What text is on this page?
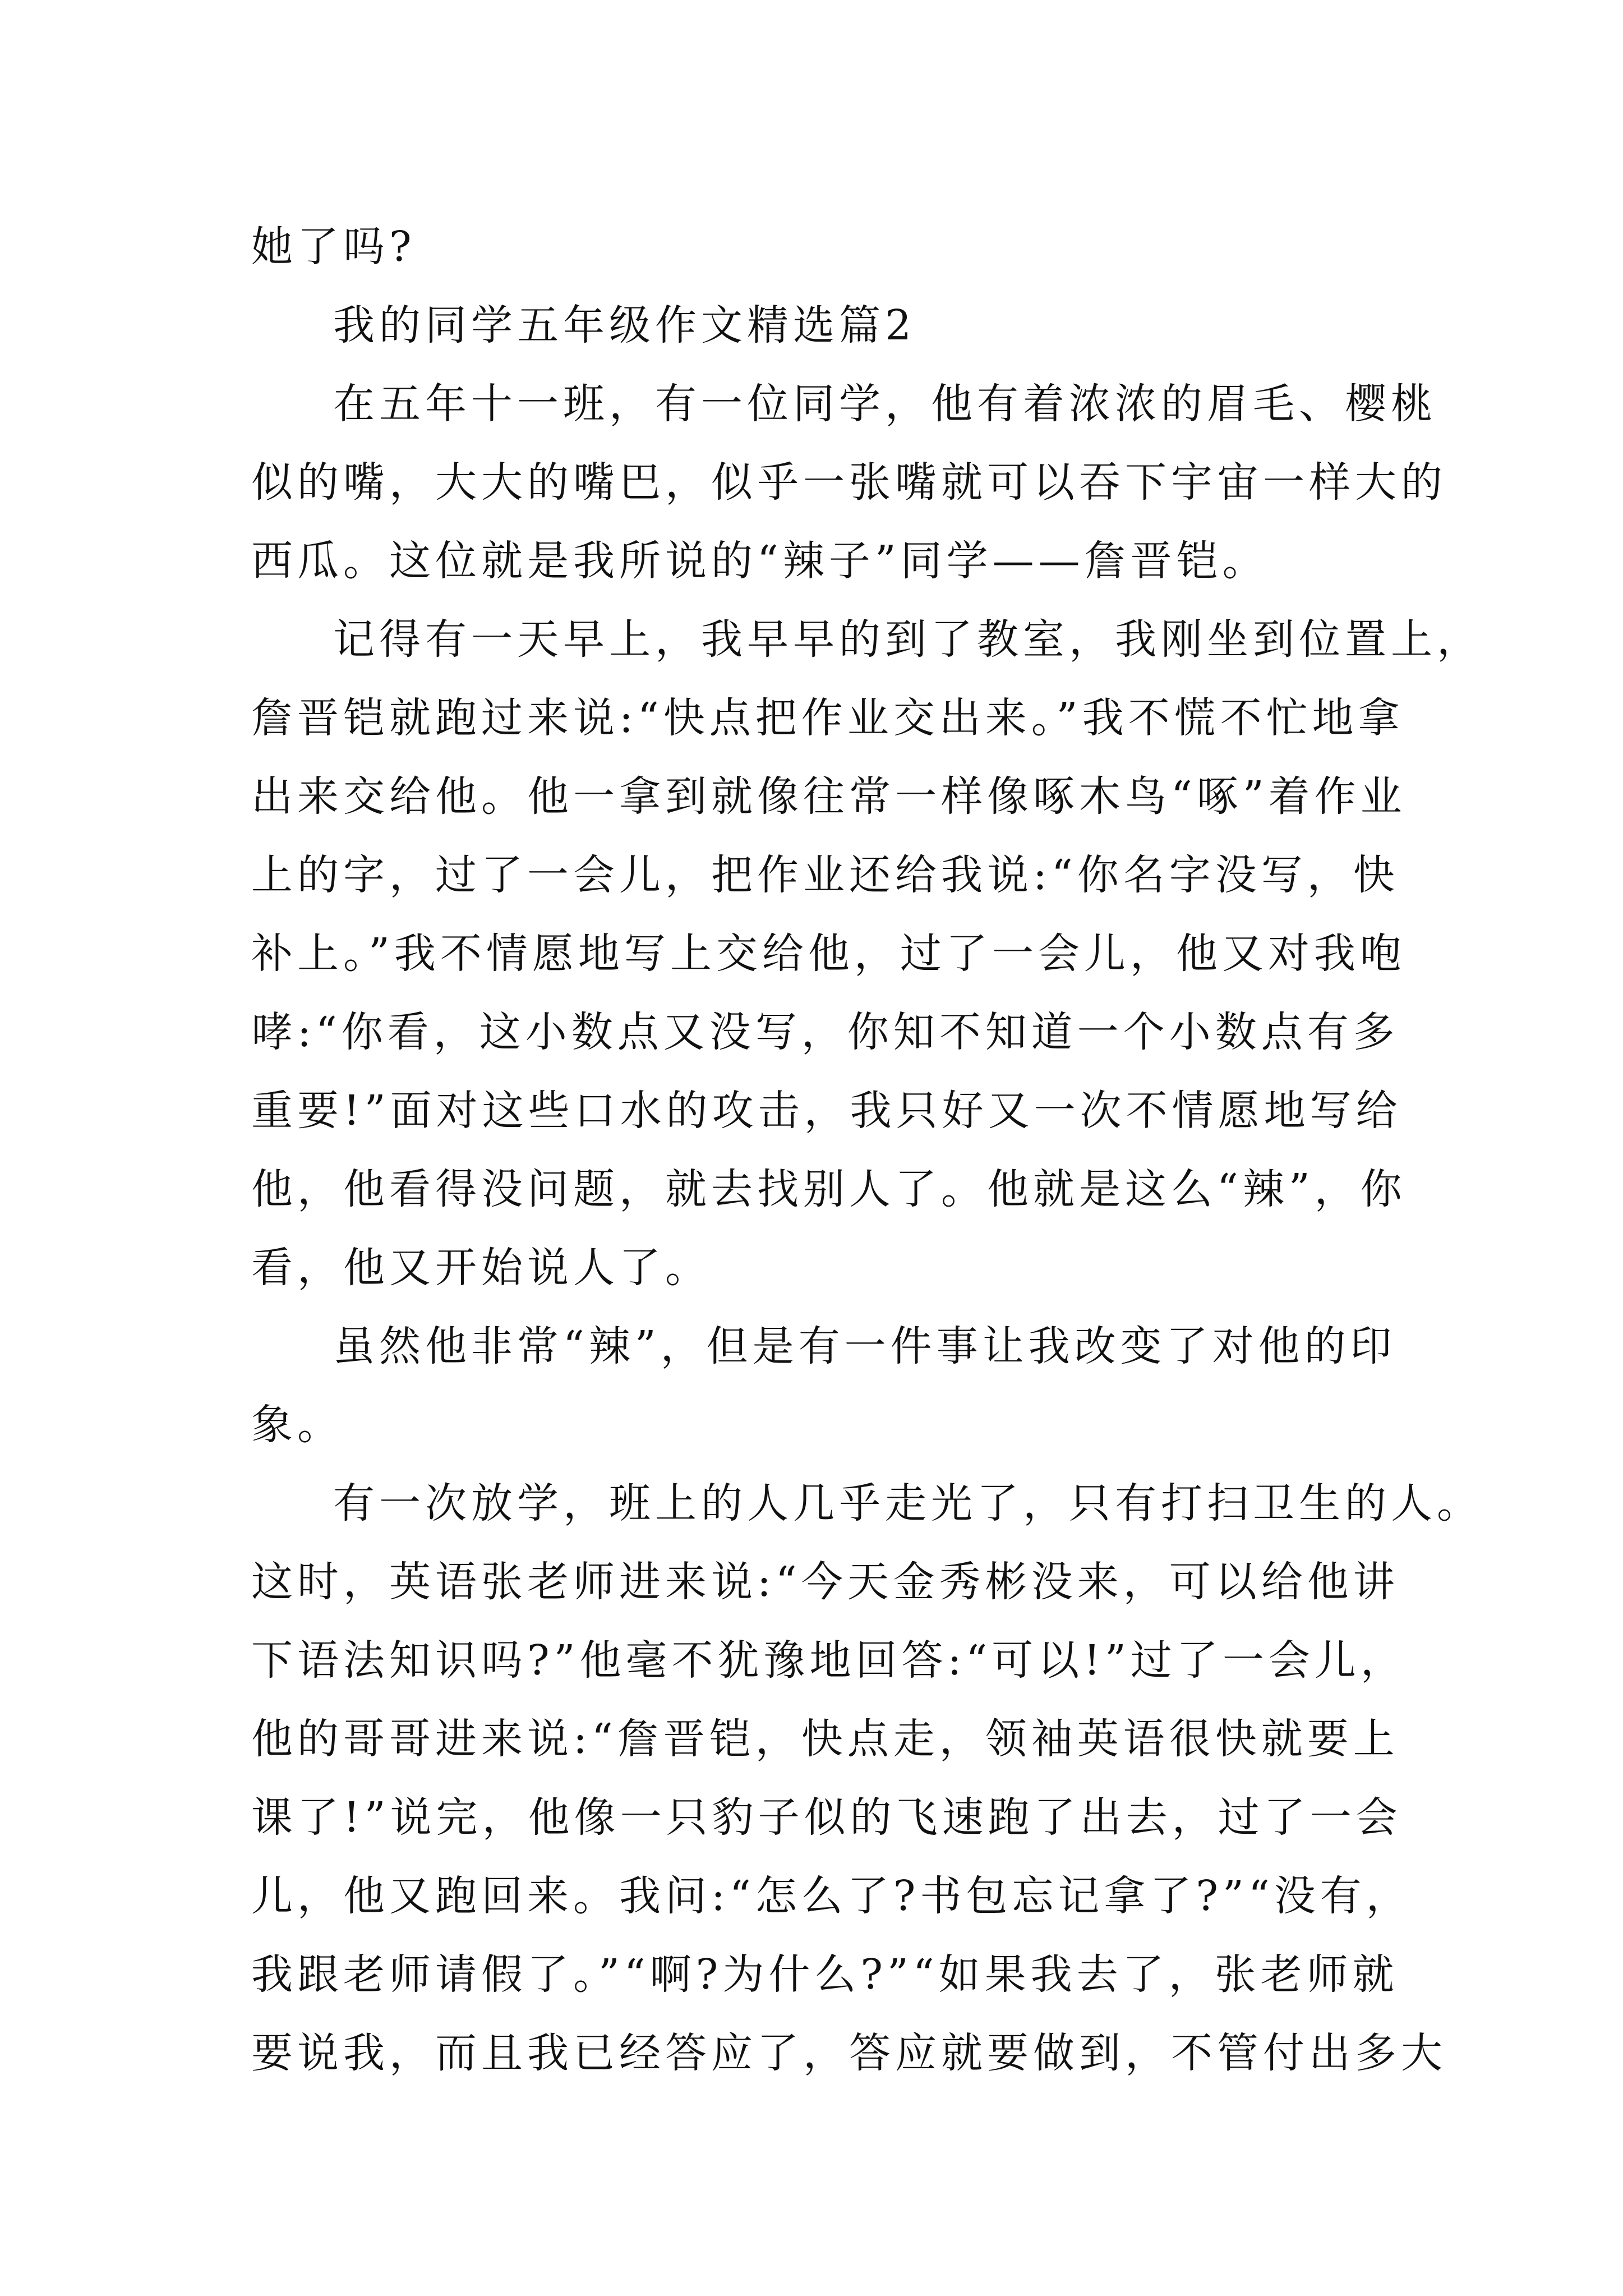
她了吗?
我的同学五年级作文精选篇2
在五年十一班，有一位同学，他有着浓浓的眉毛、樱桃
似的嘴，大大的嘴巴，似乎一张嘴就可以吞下宇宙一样大的
西瓜。这位就是我所说的“辣子”同学——詹晋铠。
记得有一天早上，我早早的到了教室，我刚坐到位置上，
詹晋铠就跑过来说:“快点把作业交出来。”我不慌不忙地拿
出来交给他。他一拿到就像往常一样像啄木鸟“啄”着作业
上的字，过了一会儿，把作业还给我说:“你名字没写，快
补上。”我不情愿地写上交给他，过了一会儿，他又对我咆
哮:“你看，这小数点又没写，你知不知道一个小数点有多
重要!”面对这些口水的攻击，我只好又一次不情愿地写给
他，他看得没问题，就去找别人了。他就是这么“辣”，你
看，他又开始说人了。
虽然他非常“辣”，但是有一件事让我改变了对他的印
象。
有一次放学，班上的人几乎走光了，只有打扫卫生的人。
这时，英语张老师进来说:“今天金秀彬没来，可以给他讲
下语法知识吗?”他毫不犹豫地回答:“可以!”过了一会儿，
他的哥哥进来说:“詹晋铠，快点走，领袖英语很快就要上
课了!”说完，他像一只豹子似的飞速跑了出去，过了一会
儿，他又跑回来。我问:“怎么了?书包忘记拿了?”“没有，
我跟老师请假了。”“啊?为什么?”“如果我去了，张老师就
要说我，而且我已经答应了，答应就要做到，不管付出多大
